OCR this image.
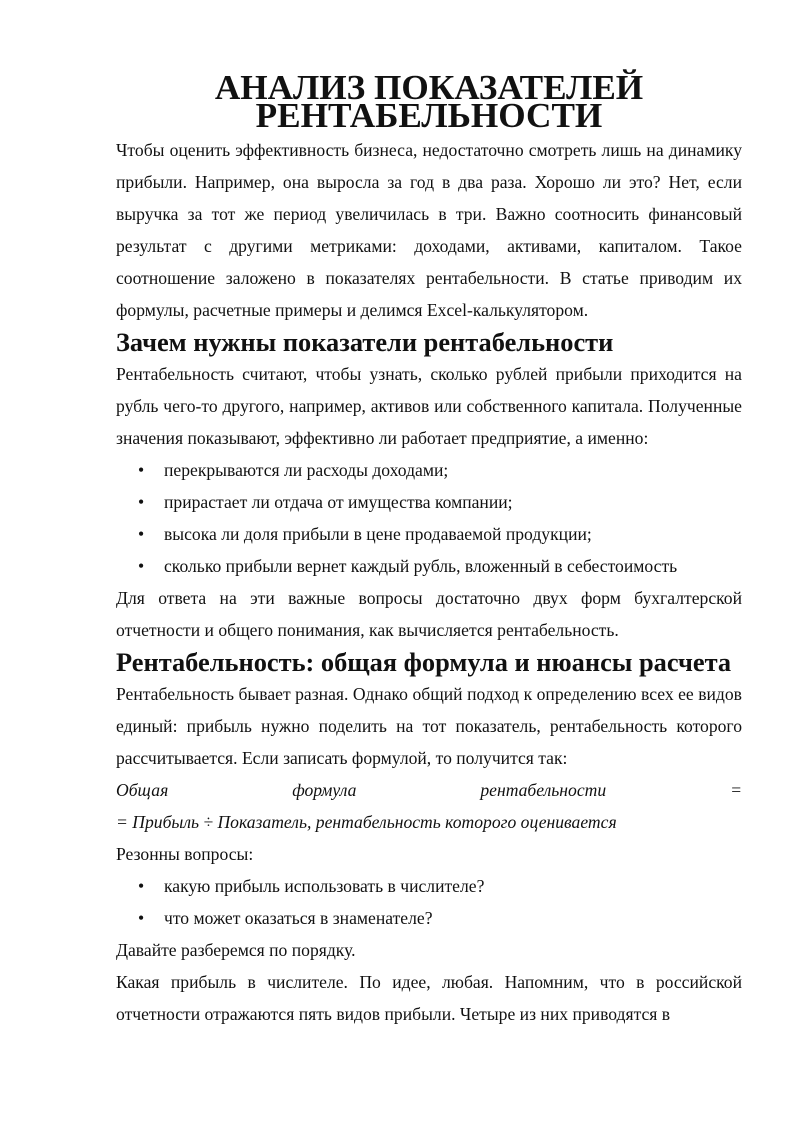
АНАЛИЗ ПОКАЗАТЕЛЕЙ РЕНТАБЕЛЬНОСТИ

Чтобы оценить эффективность бизнеса, недостаточно смотреть лишь на динамику прибыли. Например, она выросла за год в два раза. Хорошо ли это? Нет, если выручка за тот же период увеличилась в три. Важно соотносить финансовый результат с другими метриками: доходами, активами, капиталом. Такое соотношение заложено в показателях рентабельности. В статье приводим их формулы, расчетные примеры и делимся Excel-калькулятором.

Зачем нужны показатели рентабельности

Рентабельность считают, чтобы узнать, сколько рублей прибыли приходится на рубль чего-то другого, например, активов или собственного капитала. Полученные значения показывают, эффективно ли работает предприятие, а именно:

• перекрываются ли расходы доходами;
• прирастает ли отдача от имущества компании;
• высока ли доля прибыли в цене продаваемой продукции;
• сколько прибыли вернет каждый рубль, вложенный в себестоимость

Для ответа на эти важные вопросы достаточно двух форм бухгалтерской отчетности и общего понимания, как вычисляется рентабельность.

Рентабельность: общая формула и нюансы расчета

Рентабельность бывает разная. Однако общий подход к определению всех ее видов единый: прибыль нужно поделить на тот показатель, рентабельность которого рассчитывается. Если записать формулой, то получится так:

Общая	формула	рентабельности	=

= Прибыль ÷ Показатель, рентабельность которого оценивается

Резонны вопросы:

• какую прибыль использовать в числителе?
• что может оказаться в знаменателе?

Давайте разберемся по порядку.

Какая прибыль в числителе. По идее, любая. Напомним, что в российской отчетности отражаются пять видов прибыли. Четыре из них приводятся в
